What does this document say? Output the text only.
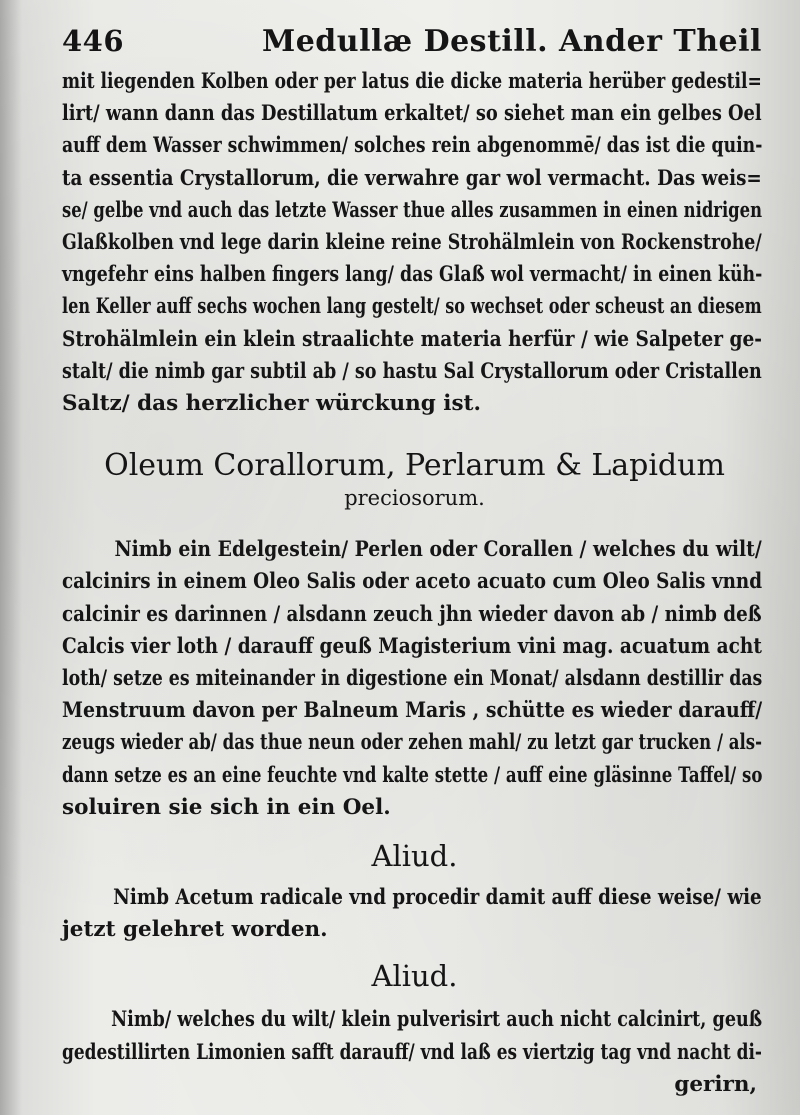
446	Medullæ Destill. Ander Theil
mit liegenden Kolben oder per latus die dicke materia herüber gedestil=
lirt/ wann dann das Destillatum erkaltet/ so siehet man ein gelbes Oel
auff dem Wasser schwimmen/ solches rein abgenommē/ das ist die quin-
ta essentia Crystallorum, die verwahre gar wol vermacht. Das weis=
se/ gelbe vnd auch das letzte Wasser thue alles zusammen in einen nidrigen
Glaßkolben vnd lege darin kleine reine Strohälmlein von Rockenstrohe/
vngefehr eins halben fingers lang/ das Glaß wol vermacht/ in einen küh-
len Keller auff sechs wochen lang gestelt/ so wechset oder scheust an diesem
Strohälmlein ein klein straalichte materia herfür / wie Salpeter ge-
stalt/ die nimb gar subtil ab / so hastu Sal Crystallorum oder Cristallen
Saltz/ das herzlicher würckung ist.
Oleum Corallorum, Perlarum & Lapidum
preciosorum.
Nimb ein Edelgestein/ Perlen oder Corallen / welches du wilt/
calcinirs in einem Oleo Salis oder aceto acuato cum Oleo Salis vnnd
calcinir es darinnen / alsdann zeuch jhn wieder davon ab / nimb deß
Calcis vier loth / darauff geuß Magisterium vini mag. acuatum acht
loth/ setze es miteinander in digestione ein Monat/ alsdann destillir das
Menstruum davon per Balneum Maris , schütte es wieder darauff/
zeugs wieder ab/ das thue neun oder zehen mahl/ zu letzt gar trucken / als-
dann setze es an eine feuchte vnd kalte stette / auff eine gläsinne Taffel/ so
soluiren sie sich in ein Oel.
Aliud.
Nimb Acetum radicale vnd procedir damit auff diese weise/ wie
jetzt gelehret worden.
Aliud.
Nimb/ welches du wilt/ klein pulverisirt auch nicht calcinirt, geuß
gedestillirten Limonien safft darauff/ vnd laß es viertzig tag vnd nacht di-
gerirn,
